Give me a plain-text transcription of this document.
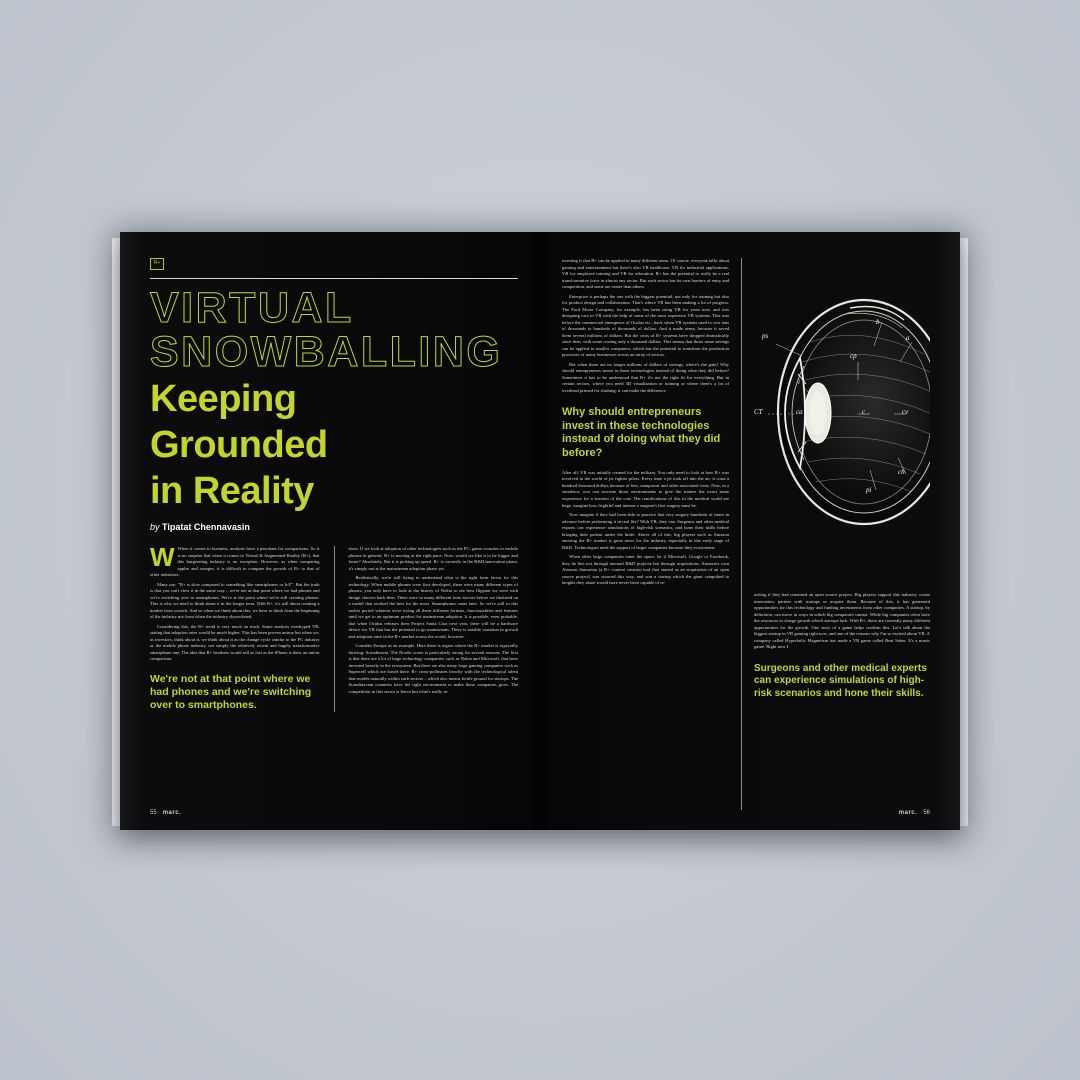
R+
VIRTUAL
SNOWBALLING
Keeping
Grounded
in Reality
by Tipatat Chennavasin

W When it comes to business, analysts have a penchant for comparisons. So it is no surprise that when it comes to Virtual & Augmented Reality (R+), that this burgeoning industry is no exception. However, as when comparing apples and oranges, it is difficult to compare the growth of R+ to that of other industries.

Many say: "R+ is slow compared to something like smartphones or IoT". But the truth is that you can't view it in the same way – we're not at that point where we had phones and we're switching over to smartphones. We're at the point where we're still creating phones. This is why we need to think about it in the longer term. With R+, it's still about creating a market from scratch. And so when we think about this, we have to think from the beginning of the industry not from when the industry skyrocketed.

Considering this, the R+ trend is very much on track. Some analysts overhyped VR, stating that adoption rates would be much higher. This has been proven untrue but when we, as investors, think about it, we think about it as the change cycle similar to the PC industry or the mobile phone industry, not simply the relatively recent and hugely transformative smartphone one. The idea that R+ headsets would sell as fast as the iPhone is then, an unfair comparison.

We're not at that point where we had phones and we're switching over to smartphones.

rison. If we look at adoption of other technologies such as the PC, game consoles or mobile phones in general, R+ is moving at the right pace. Now, would we like it to be bigger and faster? Absolutely. But it is picking up speed. R+ is currently in the R&D/innovation phase, it's simply not at the mainstream adoption phase yet.

Realistically, we're still trying to understand what is the right form factor for this technology. When mobile phones were first developed, there were many different types of phones, you only have to look at the history of Nokia to see how flippant we were with design choices back then. There were so many different form factors before we finalized on a model that worked the best for the most. Smartphones came later. So we're still in this earlier period wherein we're trying all these different formats, functionalities and features until we get to an optimum product for mainstream adoption. It is possible, even probable, that when Oculus releases their Project Santa Cruz next year, there will be a hardware device for VR that has the potential to go mainstream. There is notable variation in growth and adoption rates in the R+ market across the world, however.

Consider Europe as an example. Here there is region where the R+ market is especially thriving: Scandinavia. The Nordic scene is particularly strong for several reasons. The first is that there are a lot of large technology companies, such as Nokia and Microsoft, that have invented heavily in the ecosystem. But there are also many large gaming companies such as Supercell which are based there. R+ cross-pollinates heavily with the technological talent that resides naturally within such sectors – which also means fertile ground for startups. The Scandinavian countries have the right environment to make these companies grow. The competition in this sector is fierce but what's really in-

55 marc.

teresting is that R+ can be applied to many different areas. Of course, everyone talks about gaming and entertainment but there's also VR healthcare, VR for industrial applications, VR for employee training and VR for education. R+ has the potential to really be a real transformative force in almost any sector. But each sector has its own barriers of entry and competition, and some are easier than others.

Enterprise is perhaps the one with the biggest potential, not only for training but also for product design and collaboration. That's where VR has been making a lot of progress. The Ford Motor Company, for example, has been using VR for years now, and was designing cars in VR with the help of some of the most expensive VR systems. This was before the commercial emergence of Oculus etc., back when VR systems used to cost tens of thousands to hundreds of thousands of dollars. And it made sense, because it saved them several millions of dollars. But the costs of R+ systems have dropped dramatically since then, with some costing only a thousand dollars. This means that those same savings can be applied to smaller companies, which has the potential to transform the production processes of many businesses across an array of sectors.

But when there are no longer millions of dollars of savings, where's the gain? Why should entrepreneurs invest in these technologies instead of doing what they did before? Sometimes it has to be understood that R+ it's not the right fit for everything. But in certain sectors, where you need 3D visualization or training or where there's a lot of overhead primed for slashing, it can make the difference.

Why should entrepreneurs invest in these technologies instead of doing what they did before?

After all, VR was initially created for the military. You only need to look at how R+ was involved in the world of jet fighter pilots. Every time a jet took off into the air, it costs a hundred thousand dollars because of fees, manpower and other associated costs. Now, in a simulator, you can recreate those environments to give the trainee the exact same experience for a fraction of the cost. The ramifications of this in the medical world are huge, imagine how frightful and intense a surgeon's first surgery must be.

Now imagine if they had been able to practice that very surgery hundreds of times in advance before performing it in real life? With VR, they can. Surgeons and other medical experts can experience simulations of high-risk scenarios, and hone their skills before bringing their patient under the knife. Above all of this, big players such as Amazon entering the R+ market is great news for the industry, especially in this early stage of R&D. Technologies need the support of larger companies because they ecosystems.

When other large companies enter the space, be it Microsoft, Google or Facebook, they do this not through internal R&D projects but through acquisitions. Amazon's own Amazon Sumarian (a R+ content creation tool that started as an acquisition of an open source project) was sourced this way, and was a startup which the giant catapulted to heights they alone would have never been capable of re-

ps
b
a
cp
i
ca	c	cv
CT
pi
ch

aching if they had remained an open source project. Big players support this industry, create innovation, partner with startups or acquire them. Because of this, it has generated opportunities for this technology and funding investments from other companies. A startup, by definition, can move in ways in which big companies cannot. While big companies often have the resources to charge growth which startups lack. With R+, there are currently many different opportunities for the growth. One story of a game helps confirm this. Let's talk about the biggest startup in VR gaming right now, and one of the reasons why I'm so excited about VR. A company called Hyperbolic Magnetism has made a VR game called Beat Saber. It's a music game. Right now I

Surgeons and other medical experts can experience simulations of high-risk scenarios and hone their skills.
marc. 56
